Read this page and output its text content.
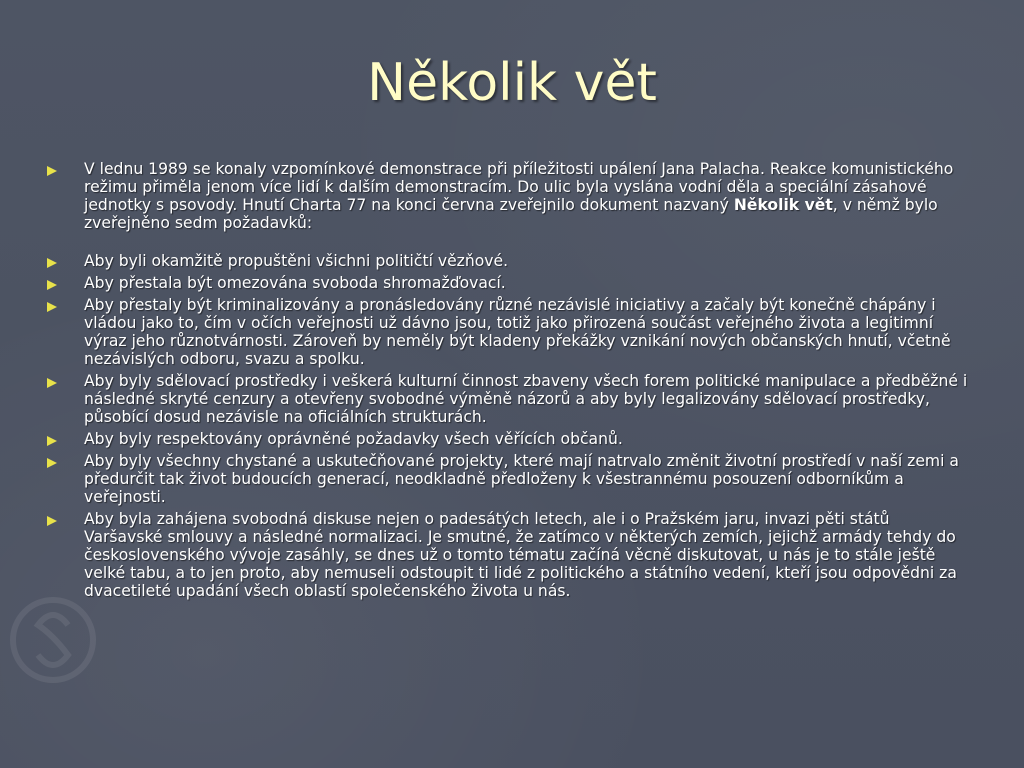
Několik vět
V lednu 1989 se konaly vzpomínkové demonstrace při příležitosti upálení Jana Palacha. Reakce komunistického režimu přiměla jenom více lidí k dalším demonstracím. Do ulic byla vyslána vodní děla a speciální zásahové jednotky s psovody. Hnutí Charta 77 na konci června zveřejnilo dokument nazvaný Několik vět, v němž bylo zveřejněno sedm požadavků:
Aby byli okamžitě propuštěni všichni političtí vězňové.
Aby přestala být omezována svoboda shromažďovací.
Aby přestaly být kriminalizovány a pronásledovány různé nezávislé iniciativy a začaly být konečně chápány i vládou jako to, čím v očích veřejnosti už dávno jsou, totiž jako přirozená součást veřejného života a legitimní výraz jeho různotvárnosti. Zároveň by neměly být kladeny překážky vznikání nových občanských hnutí, včetně nezávislých odboru, svazu a spolku.
Aby byly sdělovací prostředky i veškerá kulturní činnost zbaveny všech forem politické manipulace a předběžné i následné skryté cenzury a otevřeny svobodné výměně názorů a aby byly legalizovány sdělovací prostředky, působící dosud nezávisle na oficiálních strukturách.
Aby byly respektovány oprávněné požadavky všech věřících občanů.
Aby byly všechny chystané a uskutečňované projekty, které mají natrvalo změnit životní prostředí v naší zemi a předurčit tak život budoucích generací, neodkladně předloženy k všestrannému posouzení odborníkům a veřejnosti.
Aby byla zahájena svobodná diskuse nejen o padesátých letech, ale i o Pražském jaru, invazi pěti států Varšavské smlouvy a následné normalizaci. Je smutné, že zatímco v některých zemích, jejichž armády tehdy do československého vývoje zasáhly, se dnes už o tomto tématu začíná věcně diskutovat, u nás je to stále ještě velké tabu, a to jen proto, aby nemuseli odstoupit ti lidé z politického a státního vedení, kteří jsou odpovědni za dvacetileté upadání všech oblastí společenského života u nás.
